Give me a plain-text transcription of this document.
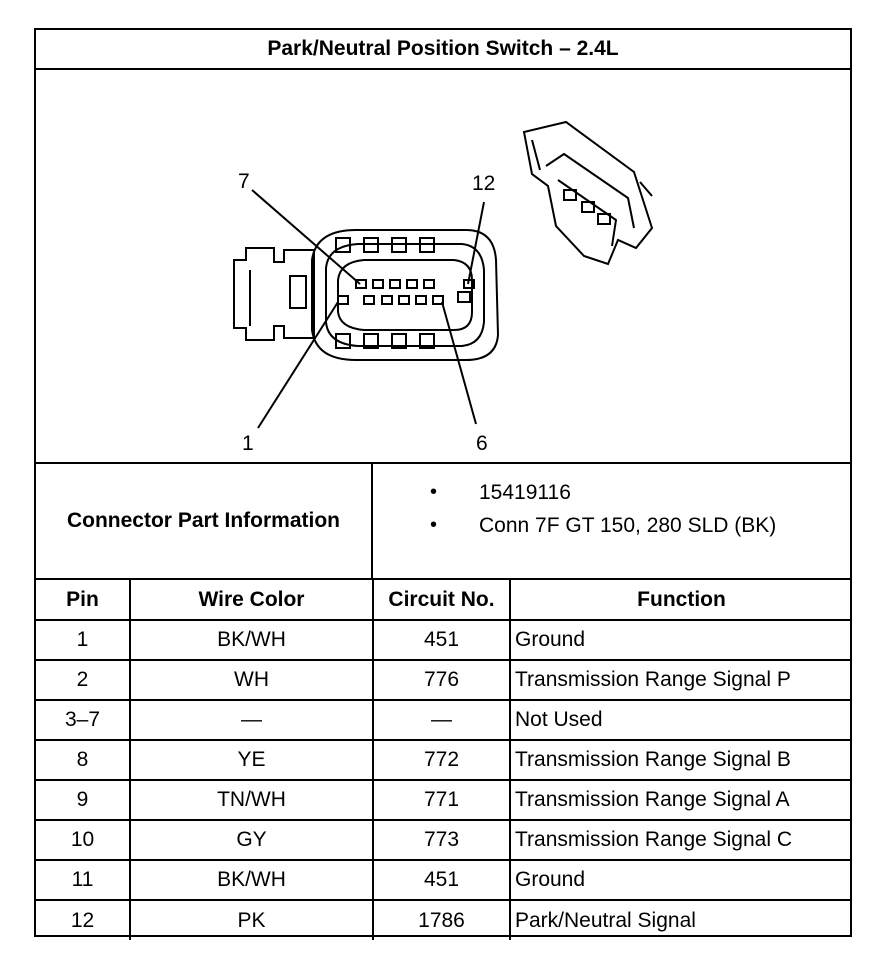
Park/Neutral Position Switch – 2.4L
7	12
1	6
Connector Part Information
• 15419116
• Conn 7F GT 150, 280 SLD (BK)
Pin	Wire Color	Circuit No.	Function
1	BK/WH	451	Ground
2	WH	776	Transmission Range Signal P
3–7	—	—	Not Used
8	YE	772	Transmission Range Signal B
9	TN/WH	771	Transmission Range Signal A
10	GY	773	Transmission Range Signal C
11	BK/WH	451	Ground
12	PK	1786	Park/Neutral Signal
